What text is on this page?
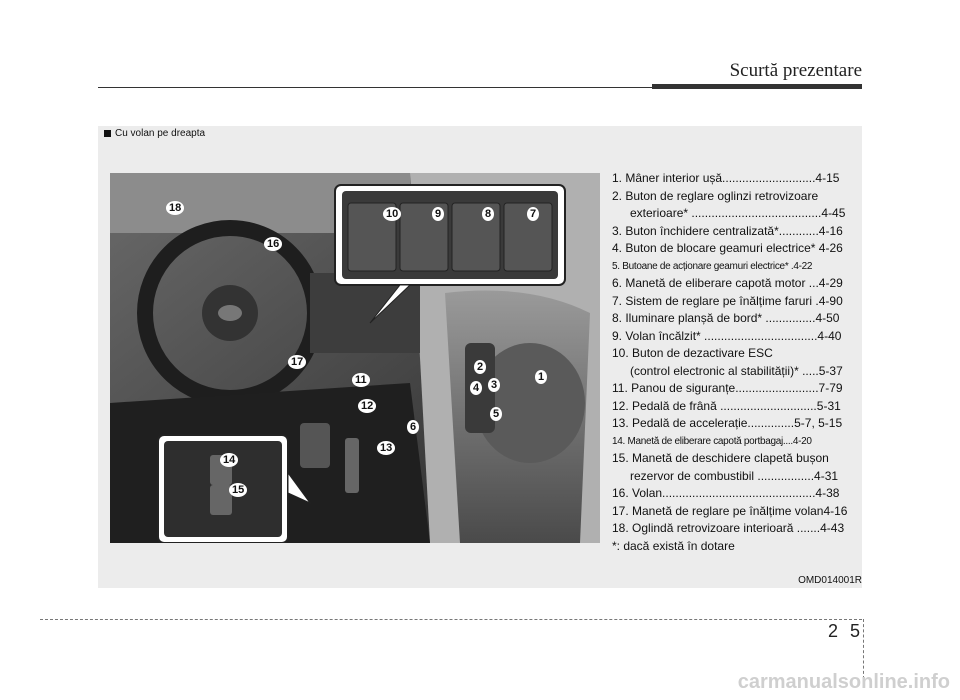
Scurtă prezentare
Cu volan pe dreapta
1
2
3
4
5
6
7
8
9
10
11
12
13
14
15
16
17
18
1. Mâner interior ușă............................4-15
2. Buton de reglare oglinzi retrovizoare
exterioare* .......................................4-45
3. Buton închidere centralizată*............4-16
4. Buton de blocare geamuri electrice* 4-26
5. Butoane de acționare geamuri electrice* .4-22
6. Manetă de eliberare capotă motor ...4-29
7. Sistem de reglare pe înălțime faruri .4-90
8. Iluminare planșă de bord* ...............4-50
9. Volan încălzit* ..................................4-40
10. Buton de dezactivare ESC
(control electronic al stabilității)* .....5-37
11. Panou de siguranțe.........................7-79
12. Pedală de frână .............................5-31
13. Pedală de accelerație..............5-7, 5-15
14. Manetă de eliberare capotă portbagaj....4-20
15. Manetă de deschidere clapetă bușon
rezervor de combustibil .................4-31
16. Volan..............................................4-38
17. Manetă de reglare pe înălțime volan4-16
18. Oglindă retrovizoare interioară .......4-43
*: dacă există în dotare
OMD014001R
2 5
carmanualsonline.info
